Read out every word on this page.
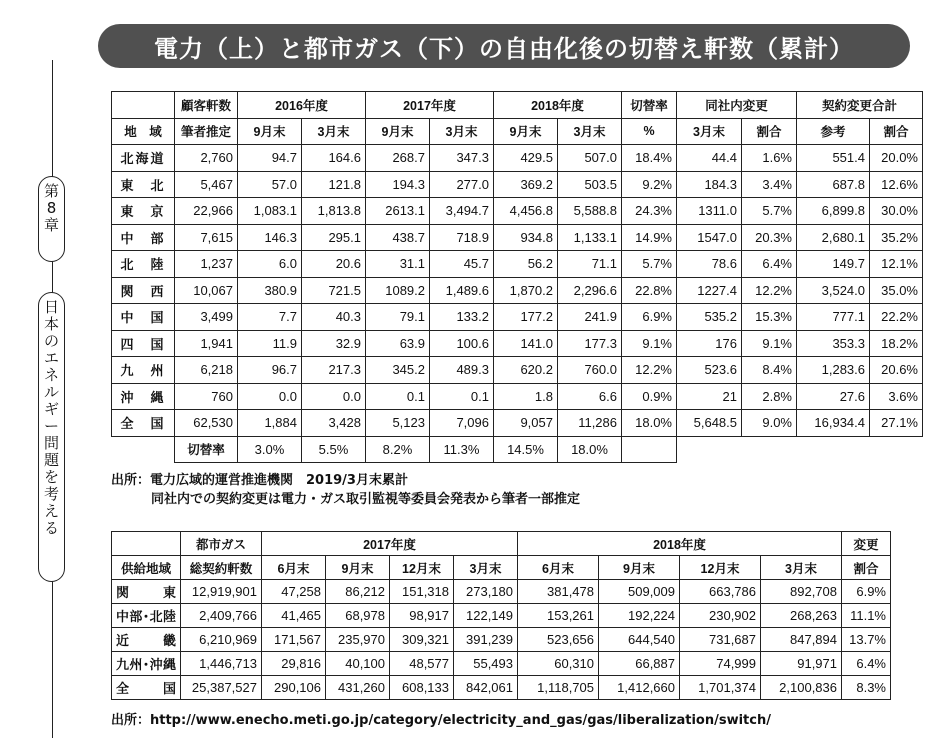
電力（上）と都市ガス（下）の自由化後の切替え軒数（累計）
第
8
章
日
本
の
エ
ネ
ル
ギ
ー
問
題
を
考
え
る
	顧客軒数	2016年度		2017年度		2018年度		切替率	同社内変更		契約変更合計	
地　域	筆者推定	9月末	3月末	9月末	3月末	9月末	3月末	%	3月末	割合	参考	割合
北海道	2,760	94.7	164.6	268.7	347.3	429.5	507.0	18.4%	44.4	1.6%	551.4	20.0%
東　北	5,467	57.0	121.8	194.3	277.0	369.2	503.5	9.2%	184.3	3.4%	687.8	12.6%
東　京	22,966	1,083.1	1,813.8	2613.1	3,494.7	4,456.8	5,588.8	24.3%	1311.0	5.7%	6,899.8	30.0%
中　部	7,615	146.3	295.1	438.7	718.9	934.8	1,133.1	14.9%	1547.0	20.3%	2,680.1	35.2%
北　陸	1,237	6.0	20.6	31.1	45.7	56.2	71.1	5.7%	78.6	6.4%	149.7	12.1%
関　西	10,067	380.9	721.5	1089.2	1,489.6	1,870.2	2,296.6	22.8%	1227.4	12.2%	3,524.0	35.0%
中　国	3,499	7.7	40.3	79.1	133.2	177.2	241.9	6.9%	535.2	15.3%	777.1	22.2%
四　国	1,941	11.9	32.9	63.9	100.6	141.0	177.3	9.1%	176	9.1%	353.3	18.2%
九　州	6,218	96.7	217.3	345.2	489.3	620.2	760.0	12.2%	523.6	8.4%	1,283.6	20.6%
沖　縄	760	0.0	0.0	0.1	0.1	1.8	6.6	0.9%	21	2.8%	27.6	3.6%
全　国	62,530	1,884	3,428	5,123	7,096	9,057	11,286	18.0%	5,648.5	9.0%	16,934.4	27.1%
	切替率	3.0%	5.5%	8.2%	11.3%	14.5%	18.0%					
出所：電力広域的運営推進機関　2019/3月末累計
同社内での契約変更は電力・ガス取引監視等委員会発表から筆者一部推定
	都市ガス	2017年度				2018年度				変更
供給地域	総契約軒数	6月末	9月末	12月末	3月末	6月末	9月末	12月末	3月末	割合
関　東	12,919,901	47,258	86,212	151,318	273,180	381,478	509,009	663,786	892,708	6.9%
中部･北陸	2,409,766	41,465	68,978	98,917	122,149	153,261	192,224	230,902	268,263	11.1%
近　畿	6,210,969	171,567	235,970	309,321	391,239	523,656	644,540	731,687	847,894	13.7%
九州･沖縄	1,446,713	29,816	40,100	48,577	55,493	60,310	66,887	74,999	91,971	6.4%
全　国	25,387,527	290,106	431,260	608,133	842,061	1,118,705	1,412,660	1,701,374	2,100,836	8.3%
出所：http://www.enecho.meti.go.jp/category/electricity_and_gas/gas/liberalization/switch/
